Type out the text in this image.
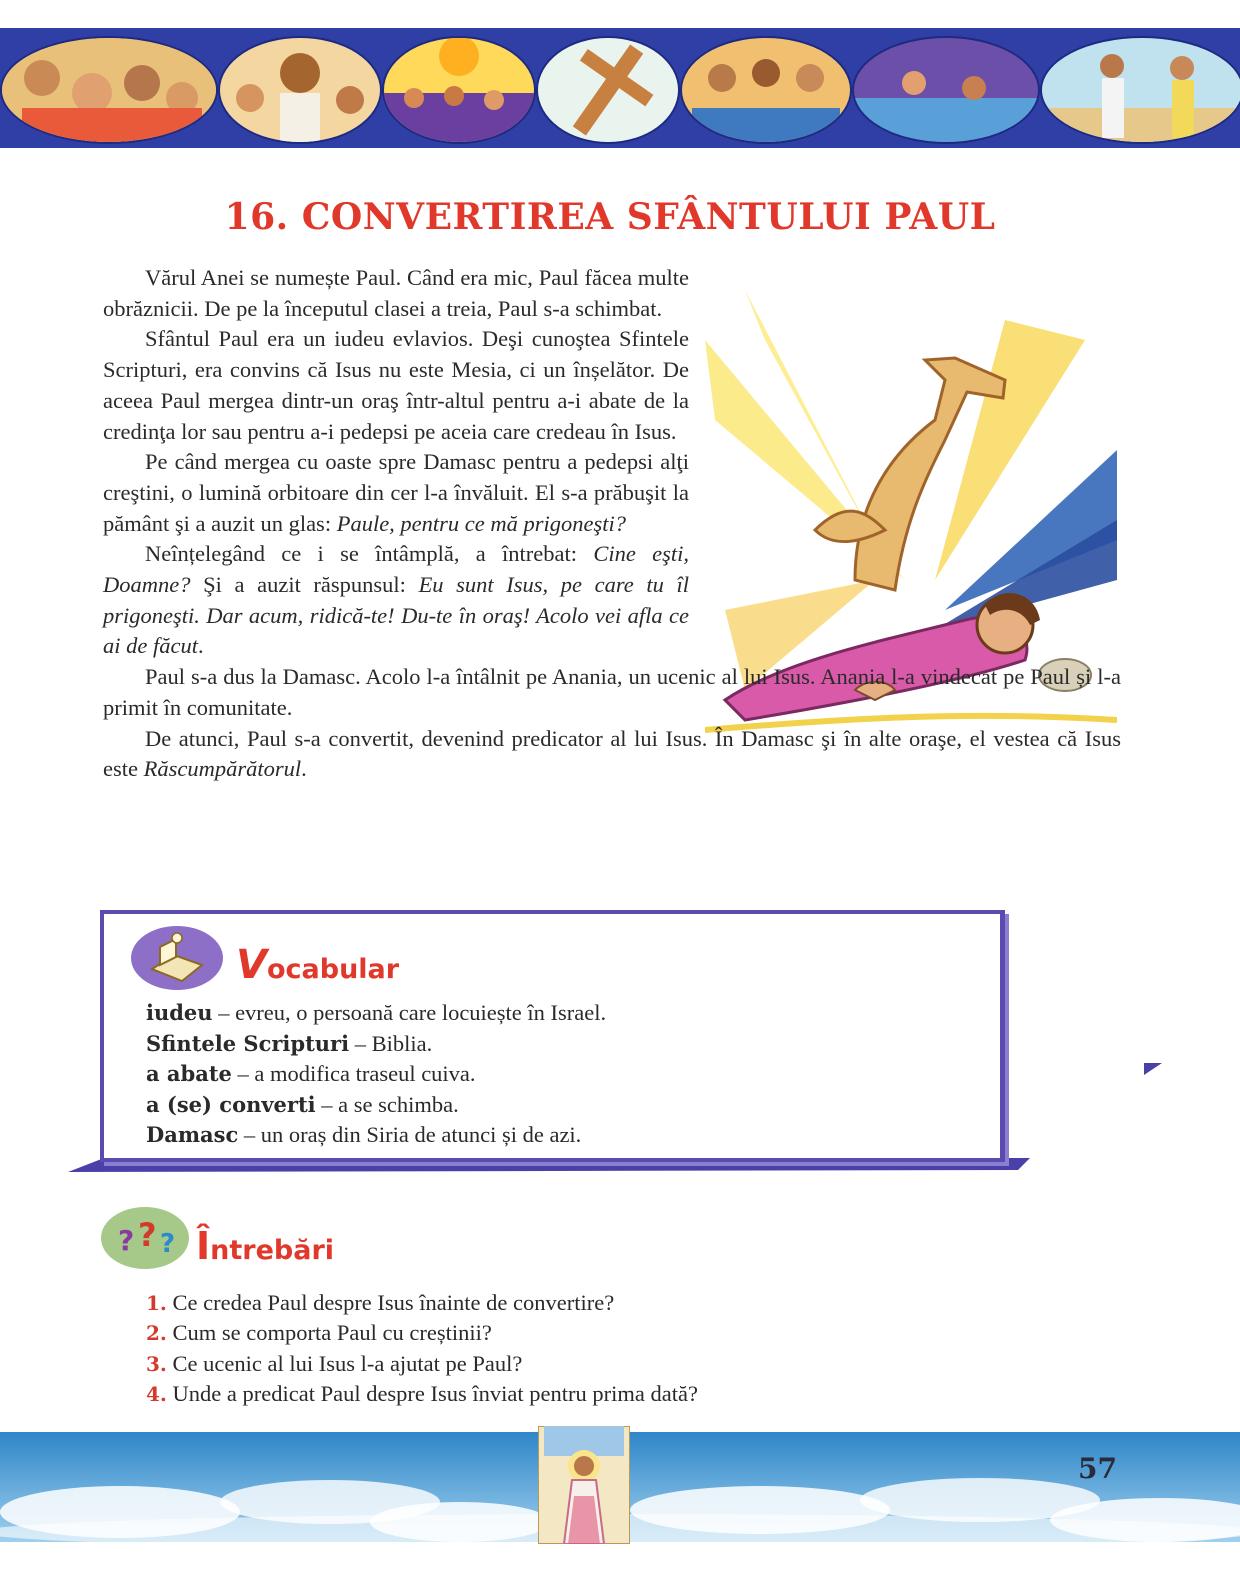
16. CONVERTIREA SFÂNTULUI PAUL

Vărul Anei se numește Paul. Când era mic, Paul făcea multe obrăznicii. De pe la începutul clasei a treia, Paul s-a schimbat.

Sfântul Paul era un iudeu evlavios. Deşi cunoştea Sfintele Scripturi, era convins că Isus nu este Mesia, ci un înșelător. De aceea Paul mergea dintr-un oraş într-altul pentru a-i abate de la credinţa lor sau pentru a-i pedepsi pe aceia care credeau în Isus.

Pe când mergea cu oaste spre Damasc pentru a pedepsi alţi creştini, o lumină orbitoare din cer l-a învăluit. El s-a prăbuşit la pământ şi a auzit un glas: Paule, pentru ce mă prigoneşti?

Neînțelegând ce i se întâmplă, a întrebat: Cine eşti, Doamne? Şi a auzit răspunsul: Eu sunt Isus, pe care tu îl prigoneşti. Dar acum, ridică-te! Du-te în oraş! Acolo vei afla ce ai de făcut.

Paul s-a dus la Damasc. Acolo l-a întâlnit pe Anania, un ucenic al lui Isus. Anania l-a vindecat pe Paul și l-a primit în comunitate.

De atunci, Paul s-a convertit, devenind predicator al lui Isus. În Damasc şi în alte oraşe, el vestea că Isus este Răscumpărătorul.

Vocabular
iudeu – evreu, o persoană care locuiește în Israel.
Sfintele Scripturi – Biblia.
a abate – a modifica traseul cuiva.
a (se) converti – a se schimba.
Damasc – un oraș din Siria de atunci și de azi.
? ? ? Întrebări
1. Ce credea Paul despre Isus înainte de convertire?
2. Cum se comporta Paul cu creștinii?
3. Ce ucenic al lui Isus l-a ajutat pe Paul?
4. Unde a predicat Paul despre Isus înviat pentru prima dată?
57
